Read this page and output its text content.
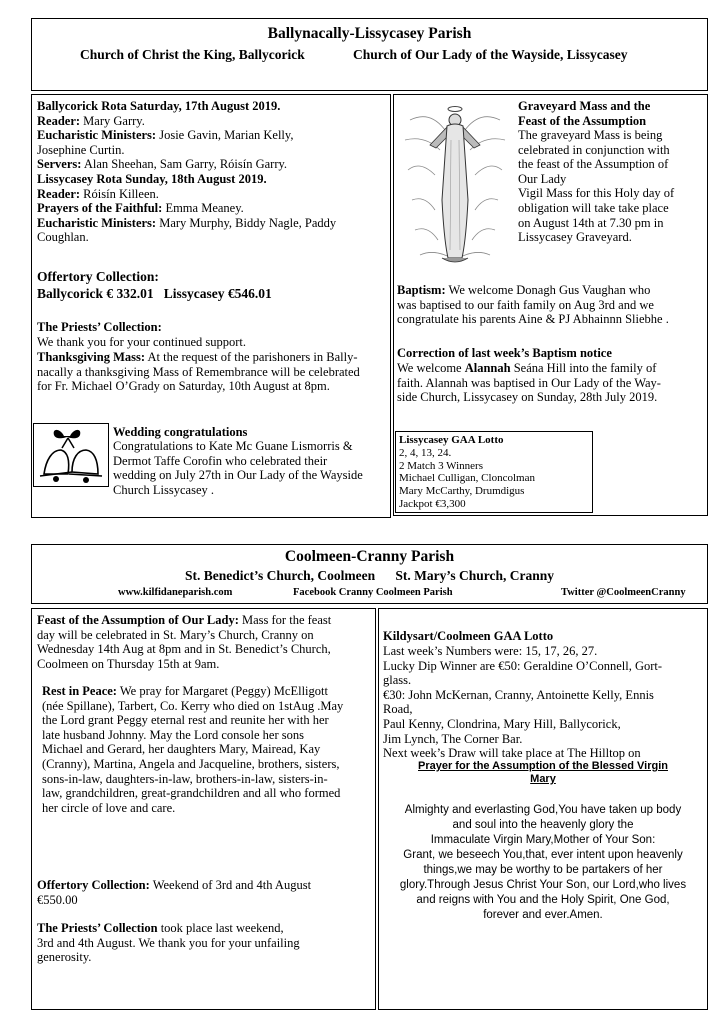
Ballynacally-Lissycasey Parish
Church of Christ the King, Ballycorick	Church of Our Lady of the Wayside, Lissycasey

Ballycorick Rota Saturday, 17th August 2019.

Reader: Mary Garry.

Eucharistic Ministers: Josie Gavin, Marian Kelly, Josephine Curtin.

Servers: Alan Sheehan, Sam Garry, Róisín Garry.

Lissycasey Rota Sunday, 18th August 2019.

Reader: Róisín Killeen.

Prayers of the Faithful: Emma Meaney.

Eucharistic Ministers: Mary Murphy, Biddy Nagle, Paddy Coughlan.

Offertory Collection:
Ballycorick € 332.01   Lissycasey €546.01
The Priests’ Collection:
We thank you for your continued support.
Thanksgiving Mass: At the request of the parishoners in Bally-
nacally a thanksgiving Mass of Remembrance will be celebrated
for Fr. Michael O’Grady on Saturday, 10th August at 8pm.
Wedding congratulations
Congratulations to Kate Mc Guane Lismorris &
Dermot Taffe Corofin who celebrated their
wedding on July 27th in Our Lady of the Wayside
Church Lissycasey .
Graveyard Mass and the
Feast of the Assumption
The graveyard Mass is being
celebrated in conjunction with
the feast of the Assumption of
Our Lady
Vigil Mass for this Holy day of
obligation will take take place
on August 14th at 7.30 pm in
Lissycasey Graveyard.
Baptism: We welcome Donagh Gus Vaughan who
was baptised to our faith family on Aug 3rd and we
congratulate his parents Aine & PJ Abhainnn Sliebhe .
Correction of last week’s Baptism notice
We welcome Alannah Seána Hill into the family of
faith. Alannah was baptised in Our Lady of the Way-
side Church, Lissycasey on Sunday, 28th July 2019.
Lissycasey GAA Lotto
2, 4, 13, 24.
2 Match 3 Winners
Michael Culligan, Cloncolman
Mary McCarthy, Drumdigus
Jackpot €3,300
Coolmeen-Cranny Parish
St. Benedict’s Church, Coolmeen      St. Mary’s Church, Cranny
www.kilfidaneparish.com	Facebook Cranny Coolmeen Parish	Twitter @CoolmeenCranny
Feast of the Assumption of Our Lady: Mass for the feast
day will be celebrated in St. Mary’s Church, Cranny on
Wednesday 14th Aug at 8pm and in St. Benedict’s Church,
Coolmeen on Thursday 15th at 9am.
Rest in Peace: We pray for Margaret (Peggy) McElligott
(née Spillane), Tarbert, Co. Kerry who died on 1stAug .May
the Lord grant Peggy eternal rest and reunite her with her
late husband Johnny. May the Lord console her sons
Michael and Gerard, her daughters Mary, Mairead, Kay
(Cranny), Martina, Angela and Jacqueline, brothers, sisters,
sons-in-law, daughters-in-law, brothers-in-law, sisters-in-
law, grandchildren, great-grandchildren and all who formed
her circle of love and care.
Offertory Collection: Weekend of 3rd and 4th August
€550.00
The Priests’ Collection took place last weekend,
3rd and 4th August. We thank you for your unfailing
generosity.
Kildysart/Coolmeen GAA Lotto
Last week’s Numbers were: 15, 17, 26, 27.
Lucky Dip Winner are €50: Geraldine O’Connell, Gort-
glass.
€30: John McKernan, Cranny, Antoinette Kelly, Ennis
Road,
Paul Kenny, Clondrina, Mary Hill, Ballycorick,
Jim Lynch, The Corner Bar.
Next week’s Draw will take place at The Hilltop on
Prayer for the Assumption of the Blessed Virgin
Mary
Almighty and everlasting God,You have taken up body
and soul into the heavenly glory the
Immaculate Virgin Mary,Mother of Your Son:
Grant, we beseech You,that, ever intent upon heavenly
things,we may be worthy to be partakers of her
glory.Through Jesus Christ Your Son, our Lord,who lives
and reigns with You and the Holy Spirit, One God,
forever and ever.Amen.
